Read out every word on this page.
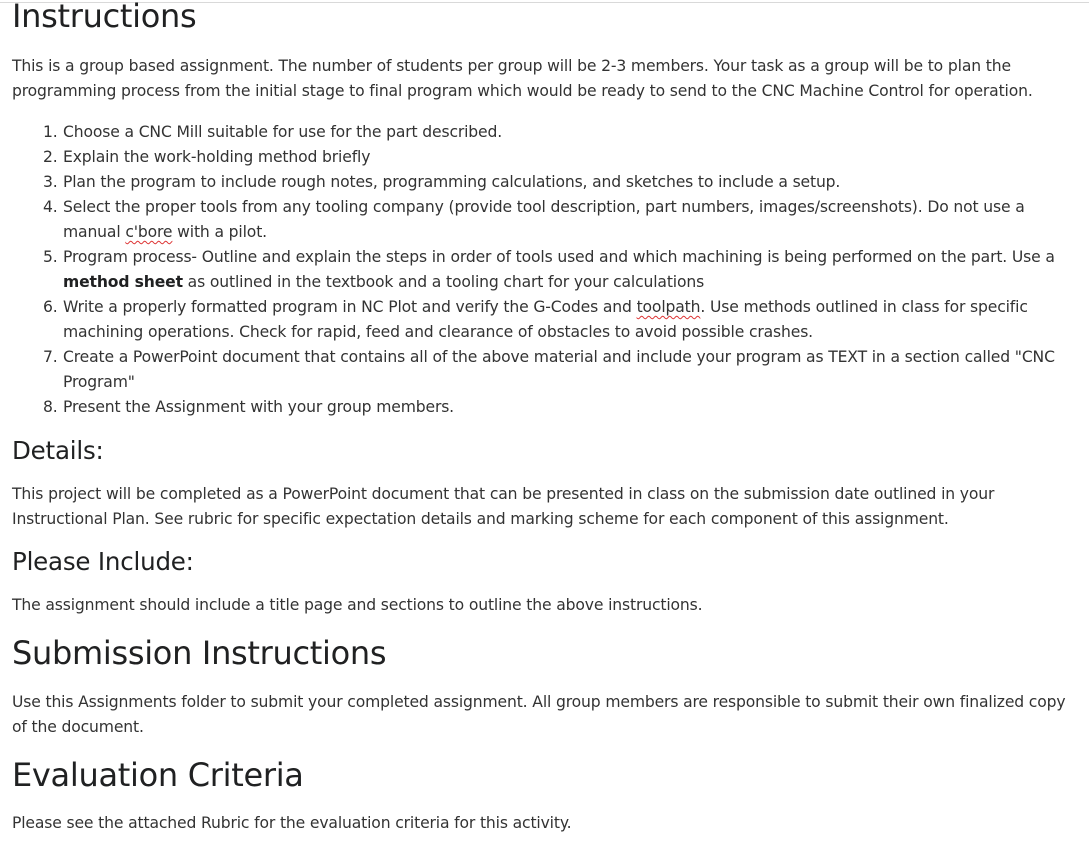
Instructions

This is a group based assignment. The number of students per group will be 2-3 members. Your task as a group will be to plan the programming process from the initial stage to final program which would be ready to send to the CNC Machine Control for operation.

1. Choose a CNC Mill suitable for use for the part described.
2. Explain the work-holding method briefly
3. Plan the program to include rough notes, programming calculations, and sketches to include a setup.
4. Select the proper tools from any tooling company (provide tool description, part numbers, images/screenshots). Do not use a manual c'bore with a pilot.
5. Program process- Outline and explain the steps in order of tools used and which machining is being performed on the part. Use a method sheet as outlined in the textbook and a tooling chart for your calculations
6. Write a properly formatted program in NC Plot and verify the G-Codes and toolpath. Use methods outlined in class for specific machining operations. Check for rapid, feed and clearance of obstacles to avoid possible crashes.
7. Create a PowerPoint document that contains all of the above material and include your program as TEXT in a section called "CNC Program"
8. Present the Assignment with your group members.
Details:

This project will be completed as a PowerPoint document that can be presented in class on the submission date outlined in your Instructional Plan. See rubric for specific expectation details and marking scheme for each component of this assignment.

Please Include:

The assignment should include a title page and sections to outline the above instructions.

Submission Instructions

Use this Assignments folder to submit your completed assignment. All group members are responsible to submit their own finalized copy of the document.

Evaluation Criteria

Please see the attached Rubric for the evaluation criteria for this activity.
